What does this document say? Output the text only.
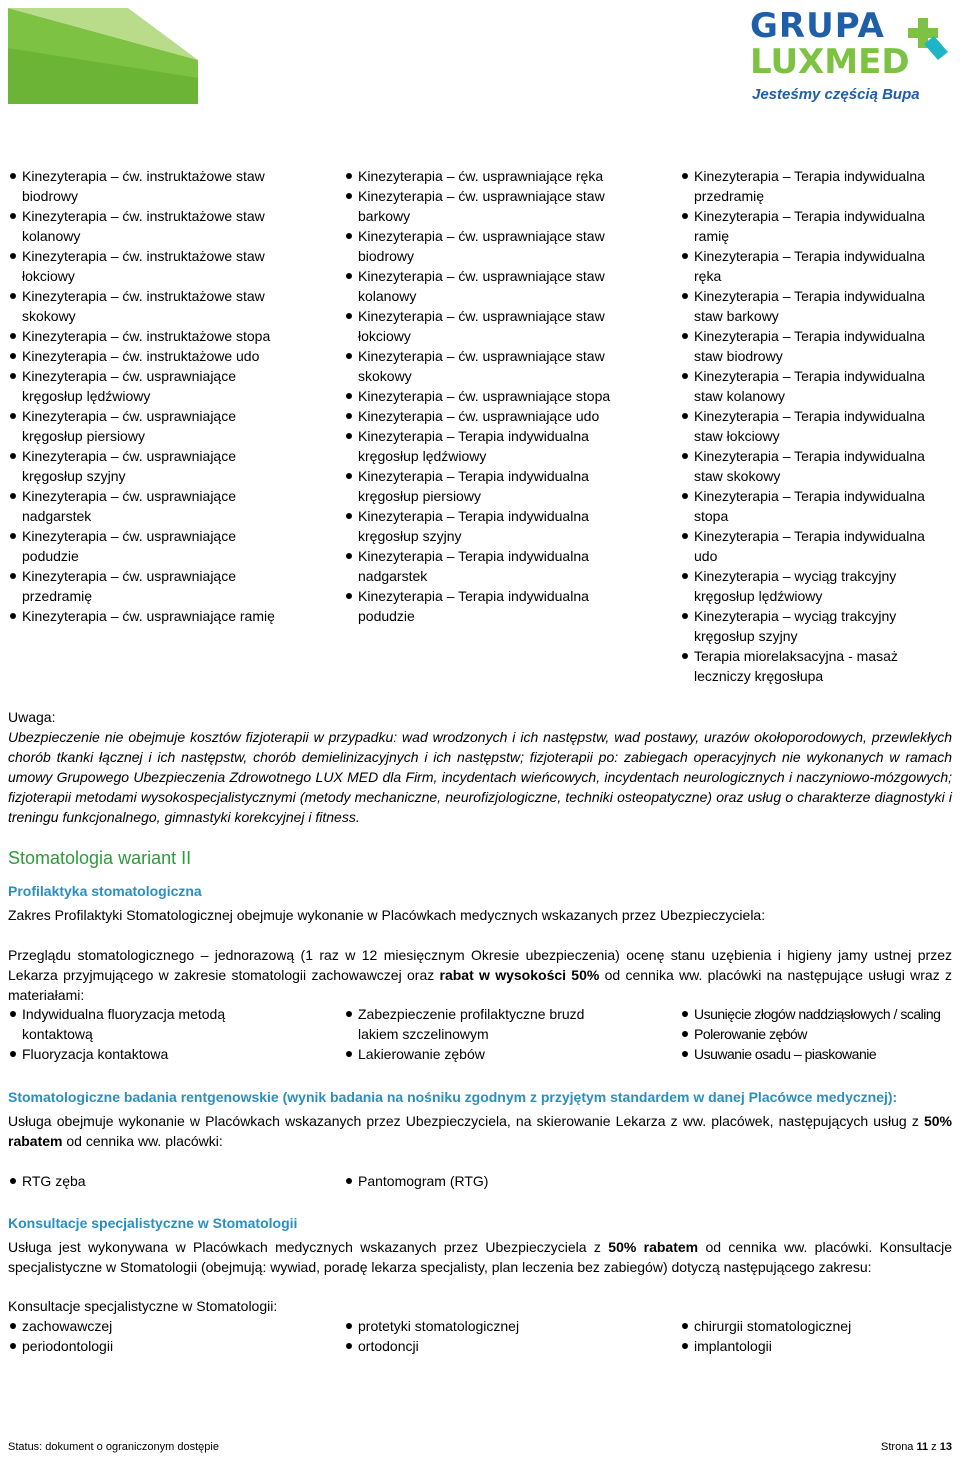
GRUPA
LUXMED
Jesteśmy częścią Bupa
Kinezyterapia – ćw. instruktażowe staw biodrowy
Kinezyterapia – ćw. instruktażowe staw kolanowy
Kinezyterapia – ćw. instruktażowe staw łokciowy
Kinezyterapia – ćw. instruktażowe staw skokowy
Kinezyterapia – ćw. instruktażowe stopa
Kinezyterapia – ćw. instruktażowe udo
Kinezyterapia – ćw. usprawniające kręgosłup lędźwiowy
Kinezyterapia – ćw. usprawniające kręgosłup piersiowy
Kinezyterapia – ćw. usprawniające kręgosłup szyjny
Kinezyterapia – ćw. usprawniające nadgarstek
Kinezyterapia – ćw. usprawniające podudzie
Kinezyterapia – ćw. usprawniające przedramię
Kinezyterapia – ćw. usprawniające ramię
Kinezyterapia – ćw. usprawniające ręka
Kinezyterapia – ćw. usprawniające staw barkowy
Kinezyterapia – ćw. usprawniające staw biodrowy
Kinezyterapia – ćw. usprawniające staw kolanowy
Kinezyterapia – ćw. usprawniające staw łokciowy
Kinezyterapia – ćw. usprawniające staw skokowy
Kinezyterapia – ćw. usprawniające stopa
Kinezyterapia – ćw. usprawniające udo
Kinezyterapia – Terapia indywidualna kręgosłup lędźwiowy
Kinezyterapia – Terapia indywidualna kręgosłup piersiowy
Kinezyterapia – Terapia indywidualna kręgosłup szyjny
Kinezyterapia – Terapia indywidualna nadgarstek
Kinezyterapia – Terapia indywidualna podudzie
Kinezyterapia – Terapia indywidualna przedramię
Kinezyterapia – Terapia indywidualna ramię
Kinezyterapia – Terapia indywidualna ręka
Kinezyterapia – Terapia indywidualna staw barkowy
Kinezyterapia – Terapia indywidualna staw biodrowy
Kinezyterapia – Terapia indywidualna staw kolanowy
Kinezyterapia – Terapia indywidualna staw łokciowy
Kinezyterapia – Terapia indywidualna staw skokowy
Kinezyterapia – Terapia indywidualna stopa
Kinezyterapia – Terapia indywidualna udo
Kinezyterapia – wyciąg trakcyjny kręgosłup lędźwiowy
Kinezyterapia – wyciąg trakcyjny kręgosłup szyjny
Terapia miorelaksacyjna - masaż leczniczy kręgosłupa
Uwaga:
Ubezpieczenie nie obejmuje kosztów fizjoterapii w przypadku: wad wrodzonych i ich następstw, wad postawy, urazów okołoporodowych, przewlekłych chorób tkanki łącznej i ich następstw, chorób demielinizacyjnych i ich następstw; fizjoterapii po: zabiegach operacyjnych nie wykonanych w ramach umowy Grupowego Ubezpieczenia Zdrowotnego LUX MED dla Firm, incydentach wieńcowych, incydentach neurologicznych i naczyniowo-mózgowych; fizjoterapii metodami wysokospecjalistycznymi (metody mechaniczne, neurofizjologiczne, techniki osteopatyczne) oraz usług o charakterze diagnostyki i treningu funkcjonalnego, gimnastyki korekcyjnej i fitness.
Stomatologia wariant II
Profilaktyka stomatologiczna
Zakres Profilaktyki Stomatologicznej obejmuje wykonanie w Placówkach medycznych wskazanych przez Ubezpieczyciela:
Przeglądu stomatologicznego – jednorazową (1 raz w 12 miesięcznym Okresie ubezpieczenia) ocenę stanu uzębienia i higieny jamy ustnej przez Lekarza przyjmującego w zakresie stomatologii zachowawczej oraz rabat w wysokości 50% od cennika ww. placówki na następujące usługi wraz z materiałami:
Indywidualna fluoryzacja metodą kontaktową
Fluoryzacja kontaktowa
Zabezpieczenie profilaktyczne bruzd lakiem szczelinowym
Lakierowanie zębów
Usunięcie złogów naddziąsłowych / scaling
Polerowanie zębów
Usuwanie osadu – piaskowanie
Stomatologiczne badania rentgenowskie (wynik badania na nośniku zgodnym z przyjętym standardem w danej Placówce medycznej):
Usługa obejmuje wykonanie w Placówkach wskazanych przez Ubezpieczyciela, na skierowanie Lekarza z ww. placówek, następujących usług z 50% rabatem od cennika ww. placówki:
RTG zęba	Pantomogram (RTG)
Konsultacje specjalistyczne w Stomatologii
Usługa jest wykonywana w Placówkach medycznych wskazanych przez Ubezpieczyciela z 50% rabatem od cennika ww. placówki. Konsultacje specjalistyczne w Stomatologii (obejmują: wywiad, poradę lekarza specjalisty, plan leczenia bez zabiegów) dotyczą następującego zakresu:
Konsultacje specjalistyczne w Stomatologii:
zachowawczej
periodontologii
protetyki stomatologicznej
ortodoncji
chirurgii stomatologicznej
implantologii
Status: dokument o ograniczonym dostępie	Strona 11 z 13
